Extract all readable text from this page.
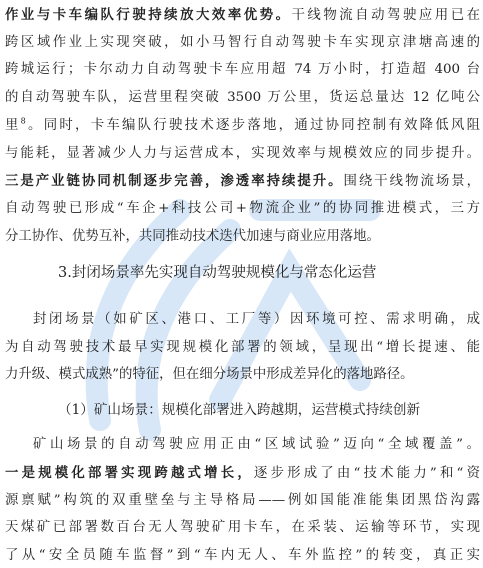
作业与卡车编队行驶持续放大效率优势。干线物流自动驾驶应用已在
跨区域作业上实现突破，如小马智行自动驾驶卡车实现京津塘高速的
跨城运行；卡尔动力自动驾驶卡车应用超 74 万小时，打造超 400 台
的自动驾驶车队，运营里程突破 3500 万公里，货运总量达 12 亿吨公
里$^8$。同时，卡车编队行驶技术逐步落地，通过协同控制有效降低风阻
与能耗，显著减少人力与运营成本，实现效率与规模效应的同步提升。
三是产业链协同机制逐步完善，渗透率持续提升。围绕干线物流场景，
自动驾驶已形成“车企+科技公司+物流企业”的协同推进模式，三方
分工协作、优势互补，共同推动技术迭代加速与商业应用落地。
3.封闭场景率先实现自动驾驶规模化与常态化运营
封闭场景（如矿区、港口、工厂等）因环境可控、需求明确，成
为自动驾驶技术最早实现规模化部署的领域，呈现出“增长提速、能
力升级、模式成熟”的特征，但在细分场景中形成差异化的落地路径。
（1）矿山场景：规模化部署进入跨越期，运营模式持续创新
矿山场景的自动驾驶应用正由“区域试验”迈向“全域覆盖”。
一是规模化部署实现跨越式增长，逐步形成了由“技术能力”和“资
源禀赋”构筑的双重壁垒与主导格局——例如国能准能集团黑岱沟露
天煤矿已部署数百台无人驾驶矿用卡车，在采装、运输等环节，实现
了从“安全员随车监督”到“车内无人、车外监控”的转变，真正实
